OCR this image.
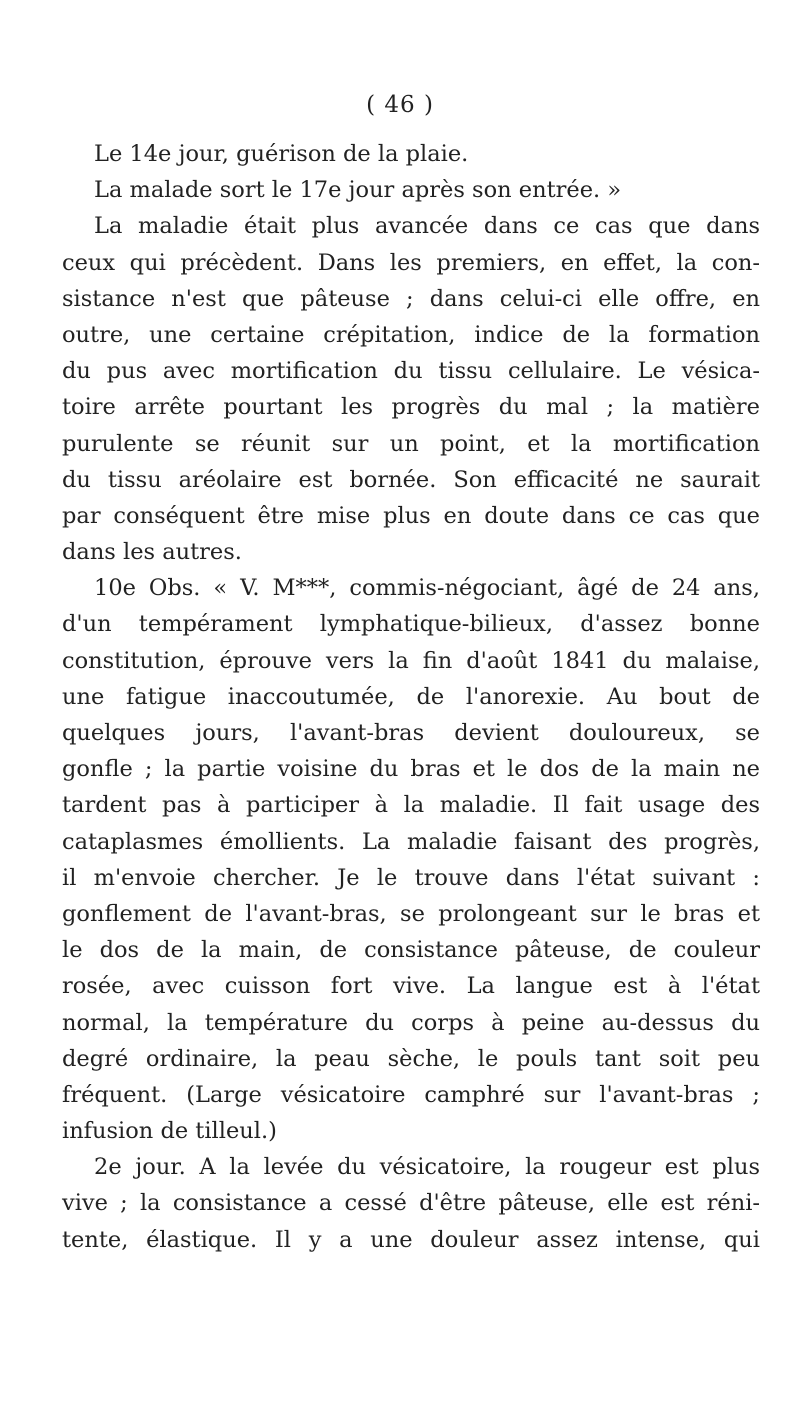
( 46 )
Le 14e jour, guérison de la plaie.
La malade sort le 17e jour après son entrée. »
La maladie était plus avancée dans ce cas que dans
ceux qui précèdent. Dans les premiers, en effet, la con-
sistance n'est que pâteuse ; dans celui-ci elle offre, en
outre, une certaine crépitation, indice de la formation
du pus avec mortification du tissu cellulaire. Le vésica-
toire arrête pourtant les progrès du mal ; la matière
purulente se réunit sur un point, et la mortification
du tissu aréolaire est bornée. Son efficacité ne saurait
par conséquent être mise plus en doute dans ce cas que
dans les autres.
10e Obs. « V. M***, commis-négociant, âgé de 24 ans,
d'un tempérament lymphatique-bilieux, d'assez bonne
constitution, éprouve vers la fin d'août 1841 du malaise,
une fatigue inaccoutumée, de l'anorexie. Au bout de
quelques jours, l'avant-bras devient douloureux, se
gonfle ; la partie voisine du bras et le dos de la main ne
tardent pas à participer à la maladie. Il fait usage des
cataplasmes émollients. La maladie faisant des progrès,
il m'envoie chercher. Je le trouve dans l'état suivant :
gonflement de l'avant-bras, se prolongeant sur le bras et
le dos de la main, de consistance pâteuse, de couleur
rosée, avec cuisson fort vive. La langue est à l'état
normal, la température du corps à peine au-dessus du
degré ordinaire, la peau sèche, le pouls tant soit peu
fréquent. (Large vésicatoire camphré sur l'avant-bras ;
infusion de tilleul.)
2e jour. A la levée du vésicatoire, la rougeur est plus
vive ; la consistance a cessé d'être pâteuse, elle est réni-
tente, élastique. Il y a une douleur assez intense, qui
